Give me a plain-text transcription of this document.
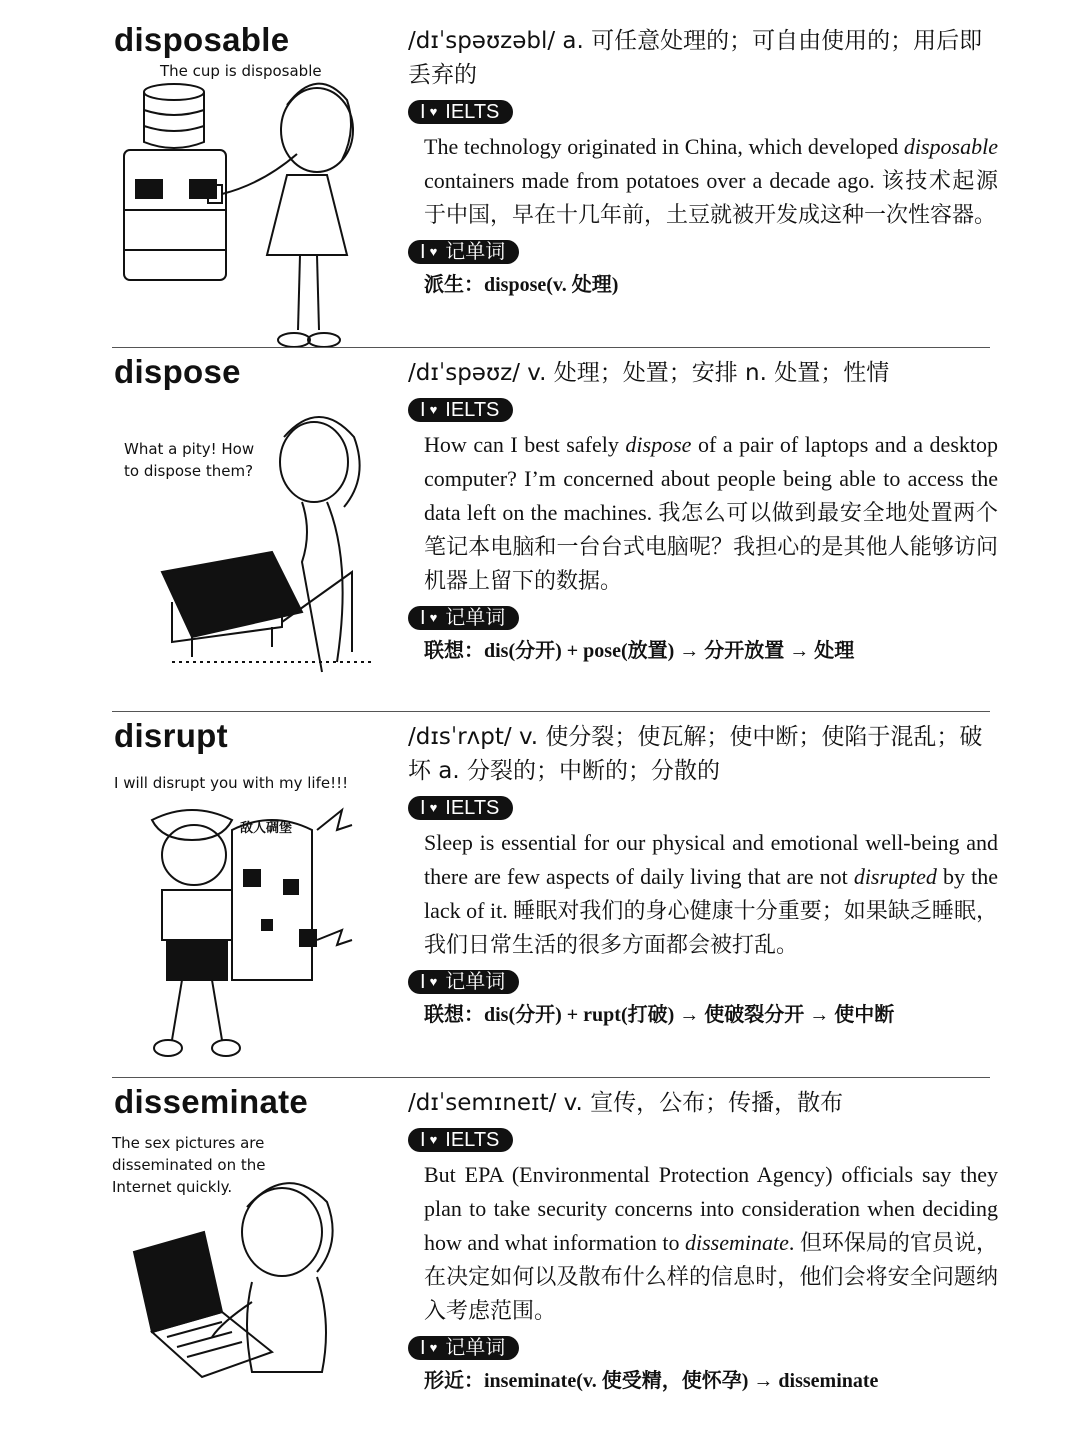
disposable
The cup is disposable

/dɪˈspəʊzəbl/ a. 可任意处理的；可自由使用的；用后即丢弃的

I ♥ IELTS

The technology originated in China, which developed disposable containers made from potatoes over a decade ago. 该技术起源于中国，早在十几年前，土豆就被开发成这种一次性容器。

I ♥ 记单词

派生：dispose(v. 处理)

dispose
What a pity! How to dispose them?

/dɪˈspəʊz/ v. 处理；处置；安排 n. 处置；性情

I ♥ IELTS

How can I best safely dispose of a pair of laptops and a desktop computer? I’m concerned about people being able to access the data left on the machines. 我怎么可以做到最安全地处置两个笔记本电脑和一台台式电脑呢？我担心的是其他人能够访问机器上留下的数据。

I ♥ 记单词

联想：dis(分开) + pose(放置) → 分开放置 → 处理

disrupt
I will disrupt you with my life!!!
敌人碉堡

/dɪsˈrʌpt/ v. 使分裂；使瓦解；使中断；使陷于混乱；破坏 a. 分裂的；中断的；分散的

I ♥ IELTS

Sleep is essential for our physical and emotional well-being and there are few aspects of daily living that are not disrupted by the lack of it. 睡眠对我们的身心健康十分重要；如果缺乏睡眠，我们日常生活的很多方面都会被打乱。

I ♥ 记单词

联想：dis(分开) + rupt(打破) → 使破裂分开 → 使中断

disseminate
The sex pictures are disseminated on the Internet quickly.

/dɪˈsemɪneɪt/ v. 宣传，公布；传播，散布

I ♥ IELTS

But EPA (Environmental Protection Agency) officials say they plan to take security concerns into consideration when deciding how and what information to disseminate. 但环保局的官员说，在决定如何以及散布什么样的信息时，他们会将安全问题纳入考虑范围。

I ♥ 记单词

形近：inseminate(v. 使受精，使怀孕) → disseminate
